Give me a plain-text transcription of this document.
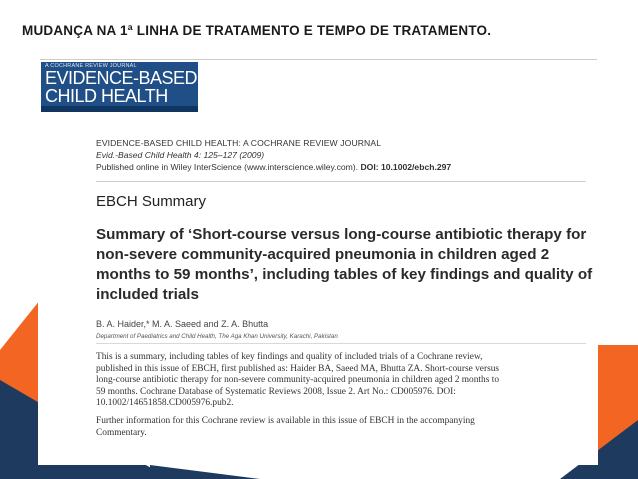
MUDANÇA NA 1ª LINHA DE TRATAMENTO E TEMPO DE TRATAMENTO.
A COCHRANE REVIEW JOURNAL
EVIDENCE-BASED
CHILD HEALTH
EVIDENCE-BASED CHILD HEALTH: A COCHRANE REVIEW JOURNAL
Evid.-Based Child Health 4: 125–127 (2009)
Published online in Wiley InterScience (www.interscience.wiley.com). DOI: 10.1002/ebch.297
EBCH Summary
Summary of ‘Short-course versus long-course antibiotic therapy for non-severe community-acquired pneumonia in children aged 2 months to 59 months’, including tables of key findings and quality of included trials
B. A. Haider,* M. A. Saeed and Z. A. Bhutta
Department of Paediatrics and Child Health, The Aga Khan University, Karachi, Pakistan

This is a summary, including tables of key findings and quality of included trials of a Cochrane review,
published in this issue of EBCH, first published as: Haider BA, Saeed MA, Bhutta ZA. Short-course versus
long-course antibiotic therapy for non-severe community-acquired pneumonia in children aged 2 months to
59 months. Cochrane Database of Systematic Reviews 2008, Issue 2. Art No.: CD005976. DOI:
10.1002/14651858.CD005976.pub2.

Further information for this Cochrane review is available in this issue of EBCH in the accompanying
Commentary.
